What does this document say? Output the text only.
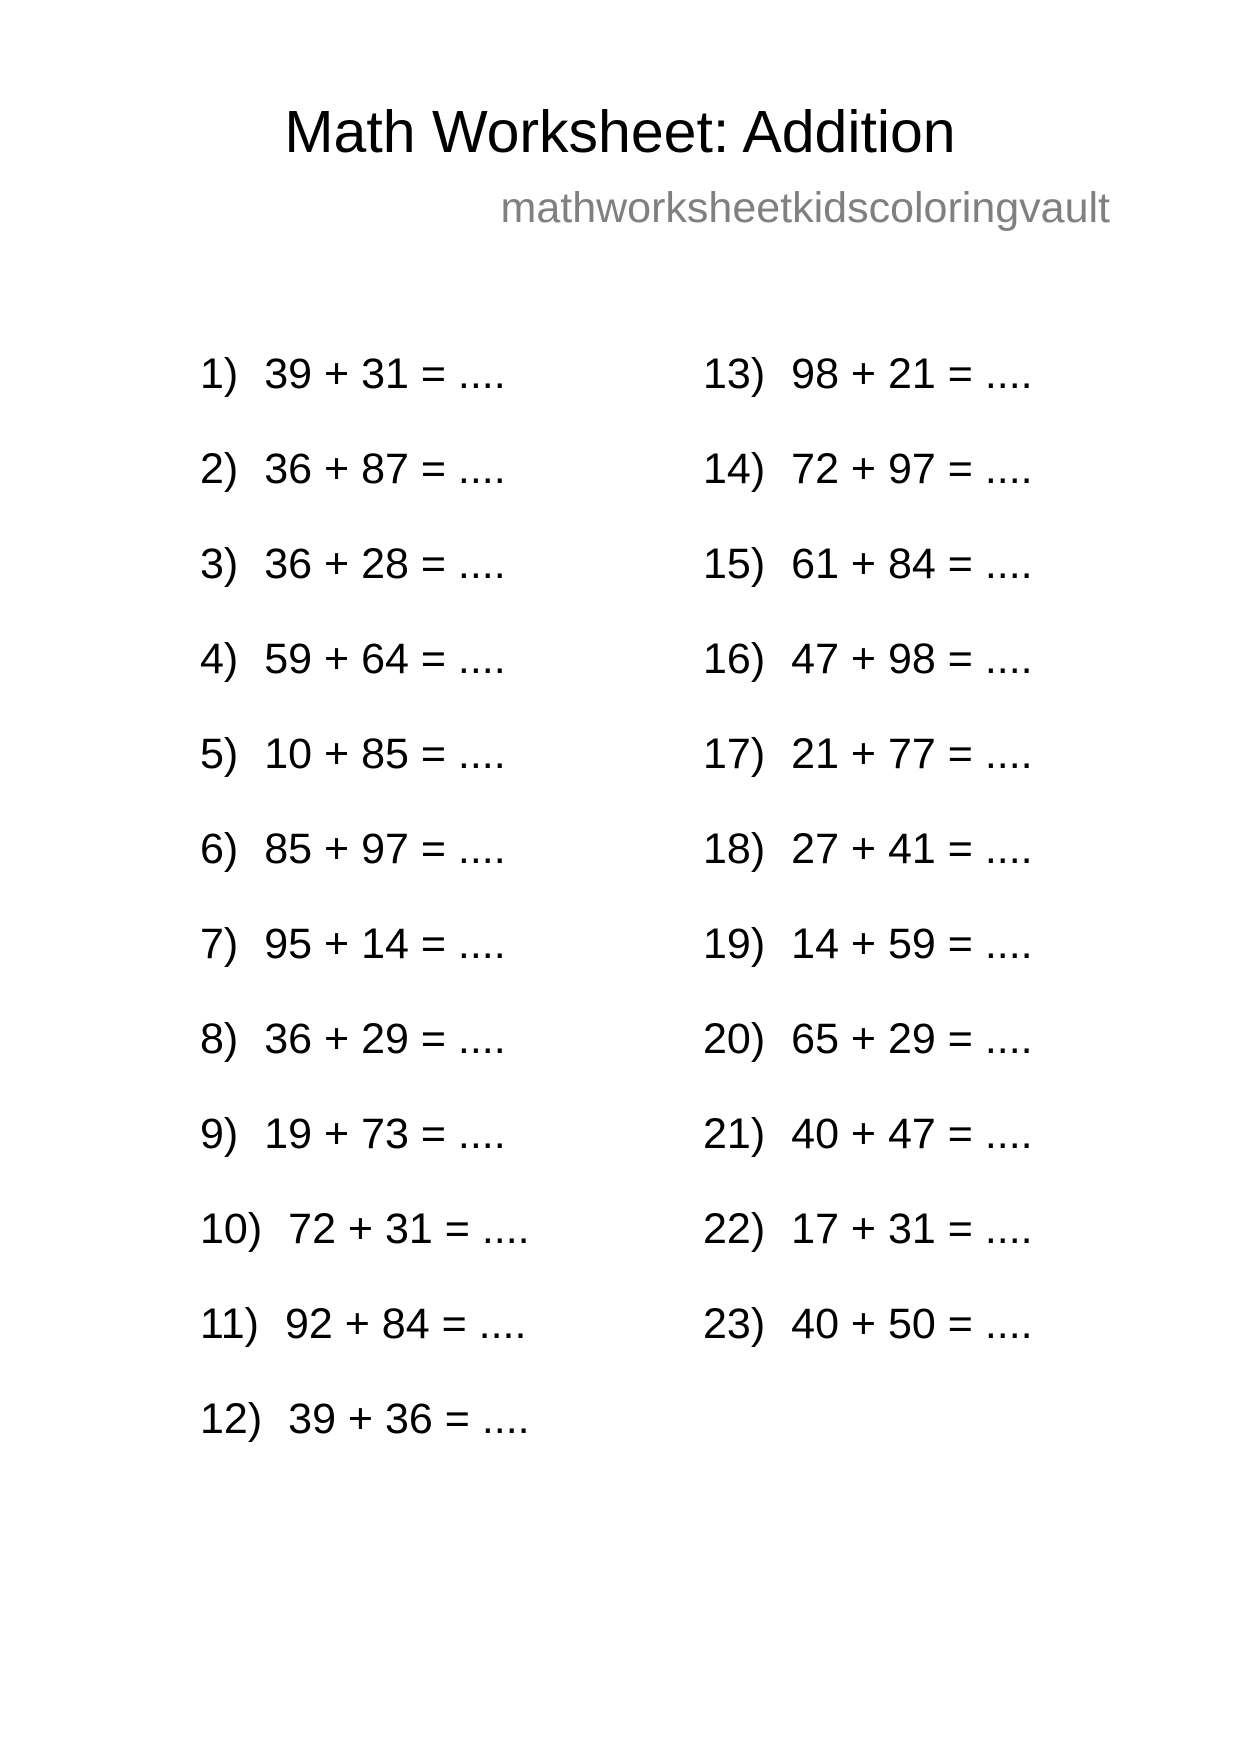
Math Worksheet: Addition
mathworksheetkidscoloringvault
1) 39 + 31 = ....
2) 36 + 87 = ....
3) 36 + 28 = ....
4) 59 + 64 = ....
5) 10 + 85 = ....
6) 85 + 97 = ....
7) 95 + 14 = ....
8) 36 + 29 = ....
9) 19 + 73 = ....
10) 72 + 31 = ....
11) 92 + 84 = ....
12) 39 + 36 = ....
13) 98 + 21 = ....
14) 72 + 97 = ....
15) 61 + 84 = ....
16) 47 + 98 = ....
17) 21 + 77 = ....
18) 27 + 41 = ....
19) 14 + 59 = ....
20) 65 + 29 = ....
21) 40 + 47 = ....
22) 17 + 31 = ....
23) 40 + 50 = ....
